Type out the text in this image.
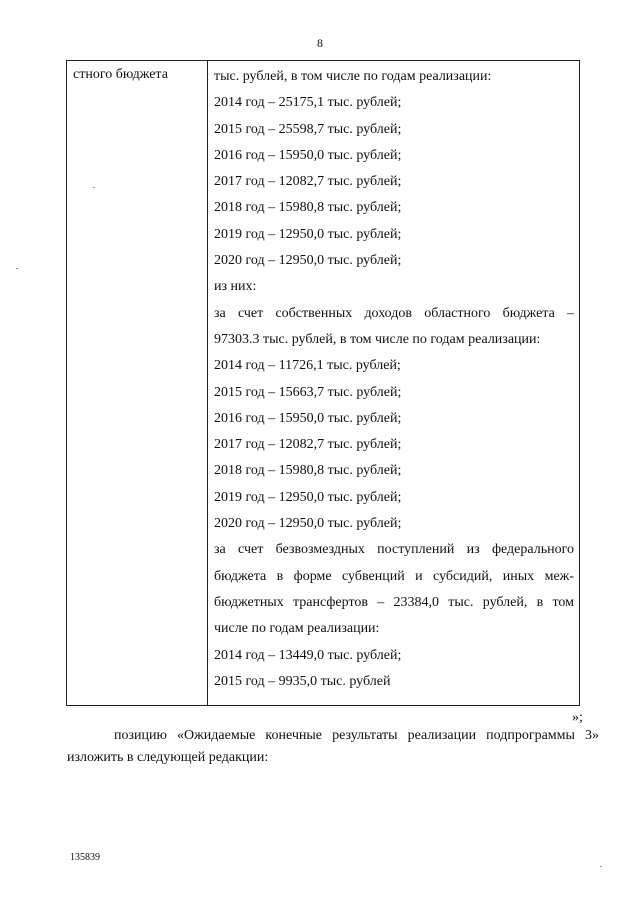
8
стного бюджета	тыс. рублей, в том числе по годам реализации:
2014 год – 25175,1 тыс. рублей;
2015 год – 25598,7 тыс. рублей;
2016 год – 15950,0 тыс. рублей;
2017 год – 12082,7 тыс. рублей;
2018 год – 15980,8 тыс. рублей;
2019 год – 12950,0 тыс. рублей;
2020 год – 12950,0 тыс. рублей;
из них:
за счет собственных доходов областного бюджета –
97303.3 тыс. рублей, в том числе по годам реализации:
2014 год – 11726,1 тыс. рублей;
2015 год – 15663,7 тыс. рублей;
2016 год – 15950,0 тыс. рублей;
2017 год – 12082,7 тыс. рублей;
2018 год – 15980,8 тыс. рублей;
2019 год – 12950,0 тыс. рублей;
2020 год – 12950,0 тыс. рублей;
за счет безвозмездных поступлений из федерального
бюджета в форме субвенций и субсидий, иных меж-
бюджетных трансфертов – 23384,0 тыс. рублей, в том
числе по годам реализации:
2014 год – 13449,0 тыс. рублей;
2015 год – 9935,0 тыс. рублей
»;
позицию «Ожидаемые конечные результаты реализации подпрограммы 3»
изложить в следующей редакции:
135839
